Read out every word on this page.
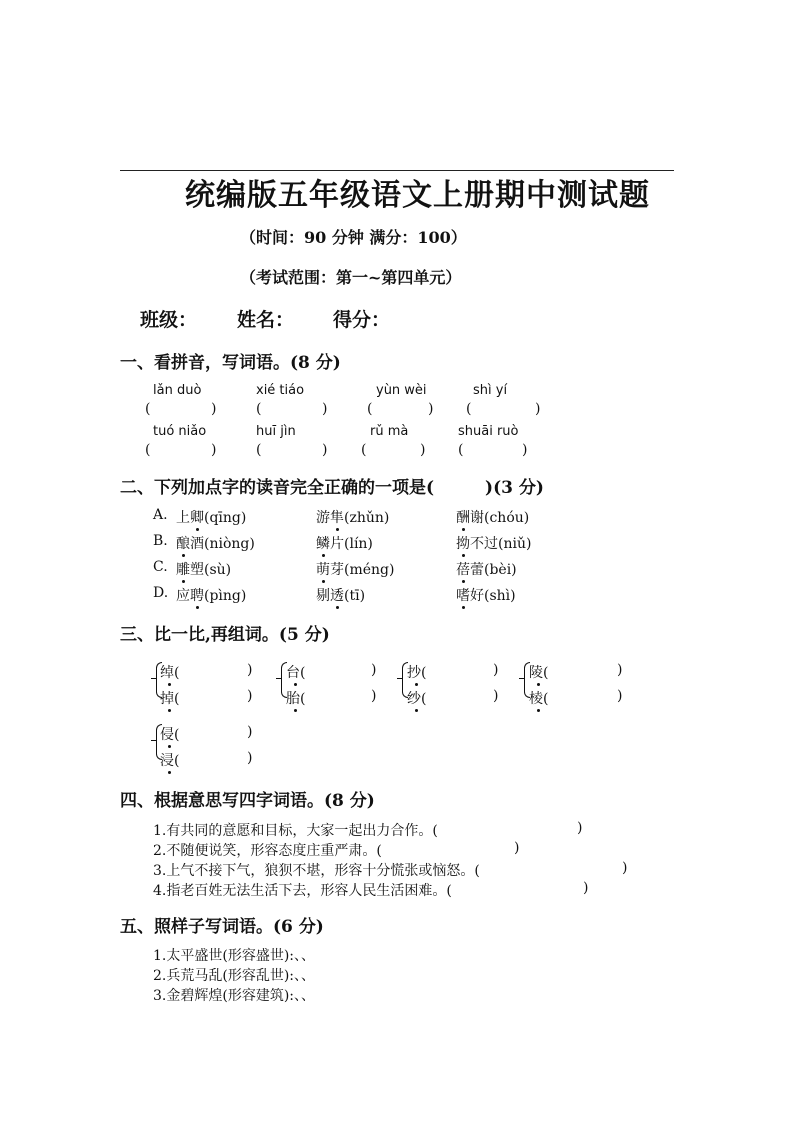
统编版五年级语文上册期中测试题
（时间：90 分钟 满分：100）
（考试范围：第一~第四单元）
班级： 姓名： 得分：
一、看拼音，写词语。(8 分)
lǎn duò	xié tiáo	yùn wèi	shì yí
(	)	(	)	(	) (	)
tuó niǎo	huī jìn	rǔ mà	shuāi ruò
(	)	(	) (	) (	)
二、下列加点字的读音完全正确的一项是(　　　)(3 分)
A. 上卿(qīng)	游隼(zhǔn)	酬谢(chóu)
B. 酿酒(niòng)	鳞片(lín)	拗不过(niǔ)
C. 雕塑(sù)	萌芽(méng)	蓓蕾(bèi)
D. 应聘(pìng)	剔透(tī)	嗜好(shì)
三、比一比,再组词。(5 分)
绰(
掉(
)
)
台(
胎(
)
)
抄(
纱(
)
)
陵(
棱(
)
)
侵(
浸(
)
)
四、根据意思写四字词语。(8 分)
1.有共同的意愿和目标，大家一起出力合作。(	)
2.不随便说笑，形容态度庄重严肃。(	)
3.上气不接下气，狼狈不堪，形容十分慌张或恼怒。(	)
4.指老百姓无法生活下去，形容人民生活困难。(	)
五、照样子写词语。(6 分)
1.太平盛世(形容盛世):、、
2.兵荒马乱(形容乱世):、、
3.金碧辉煌(形容建筑):、、
